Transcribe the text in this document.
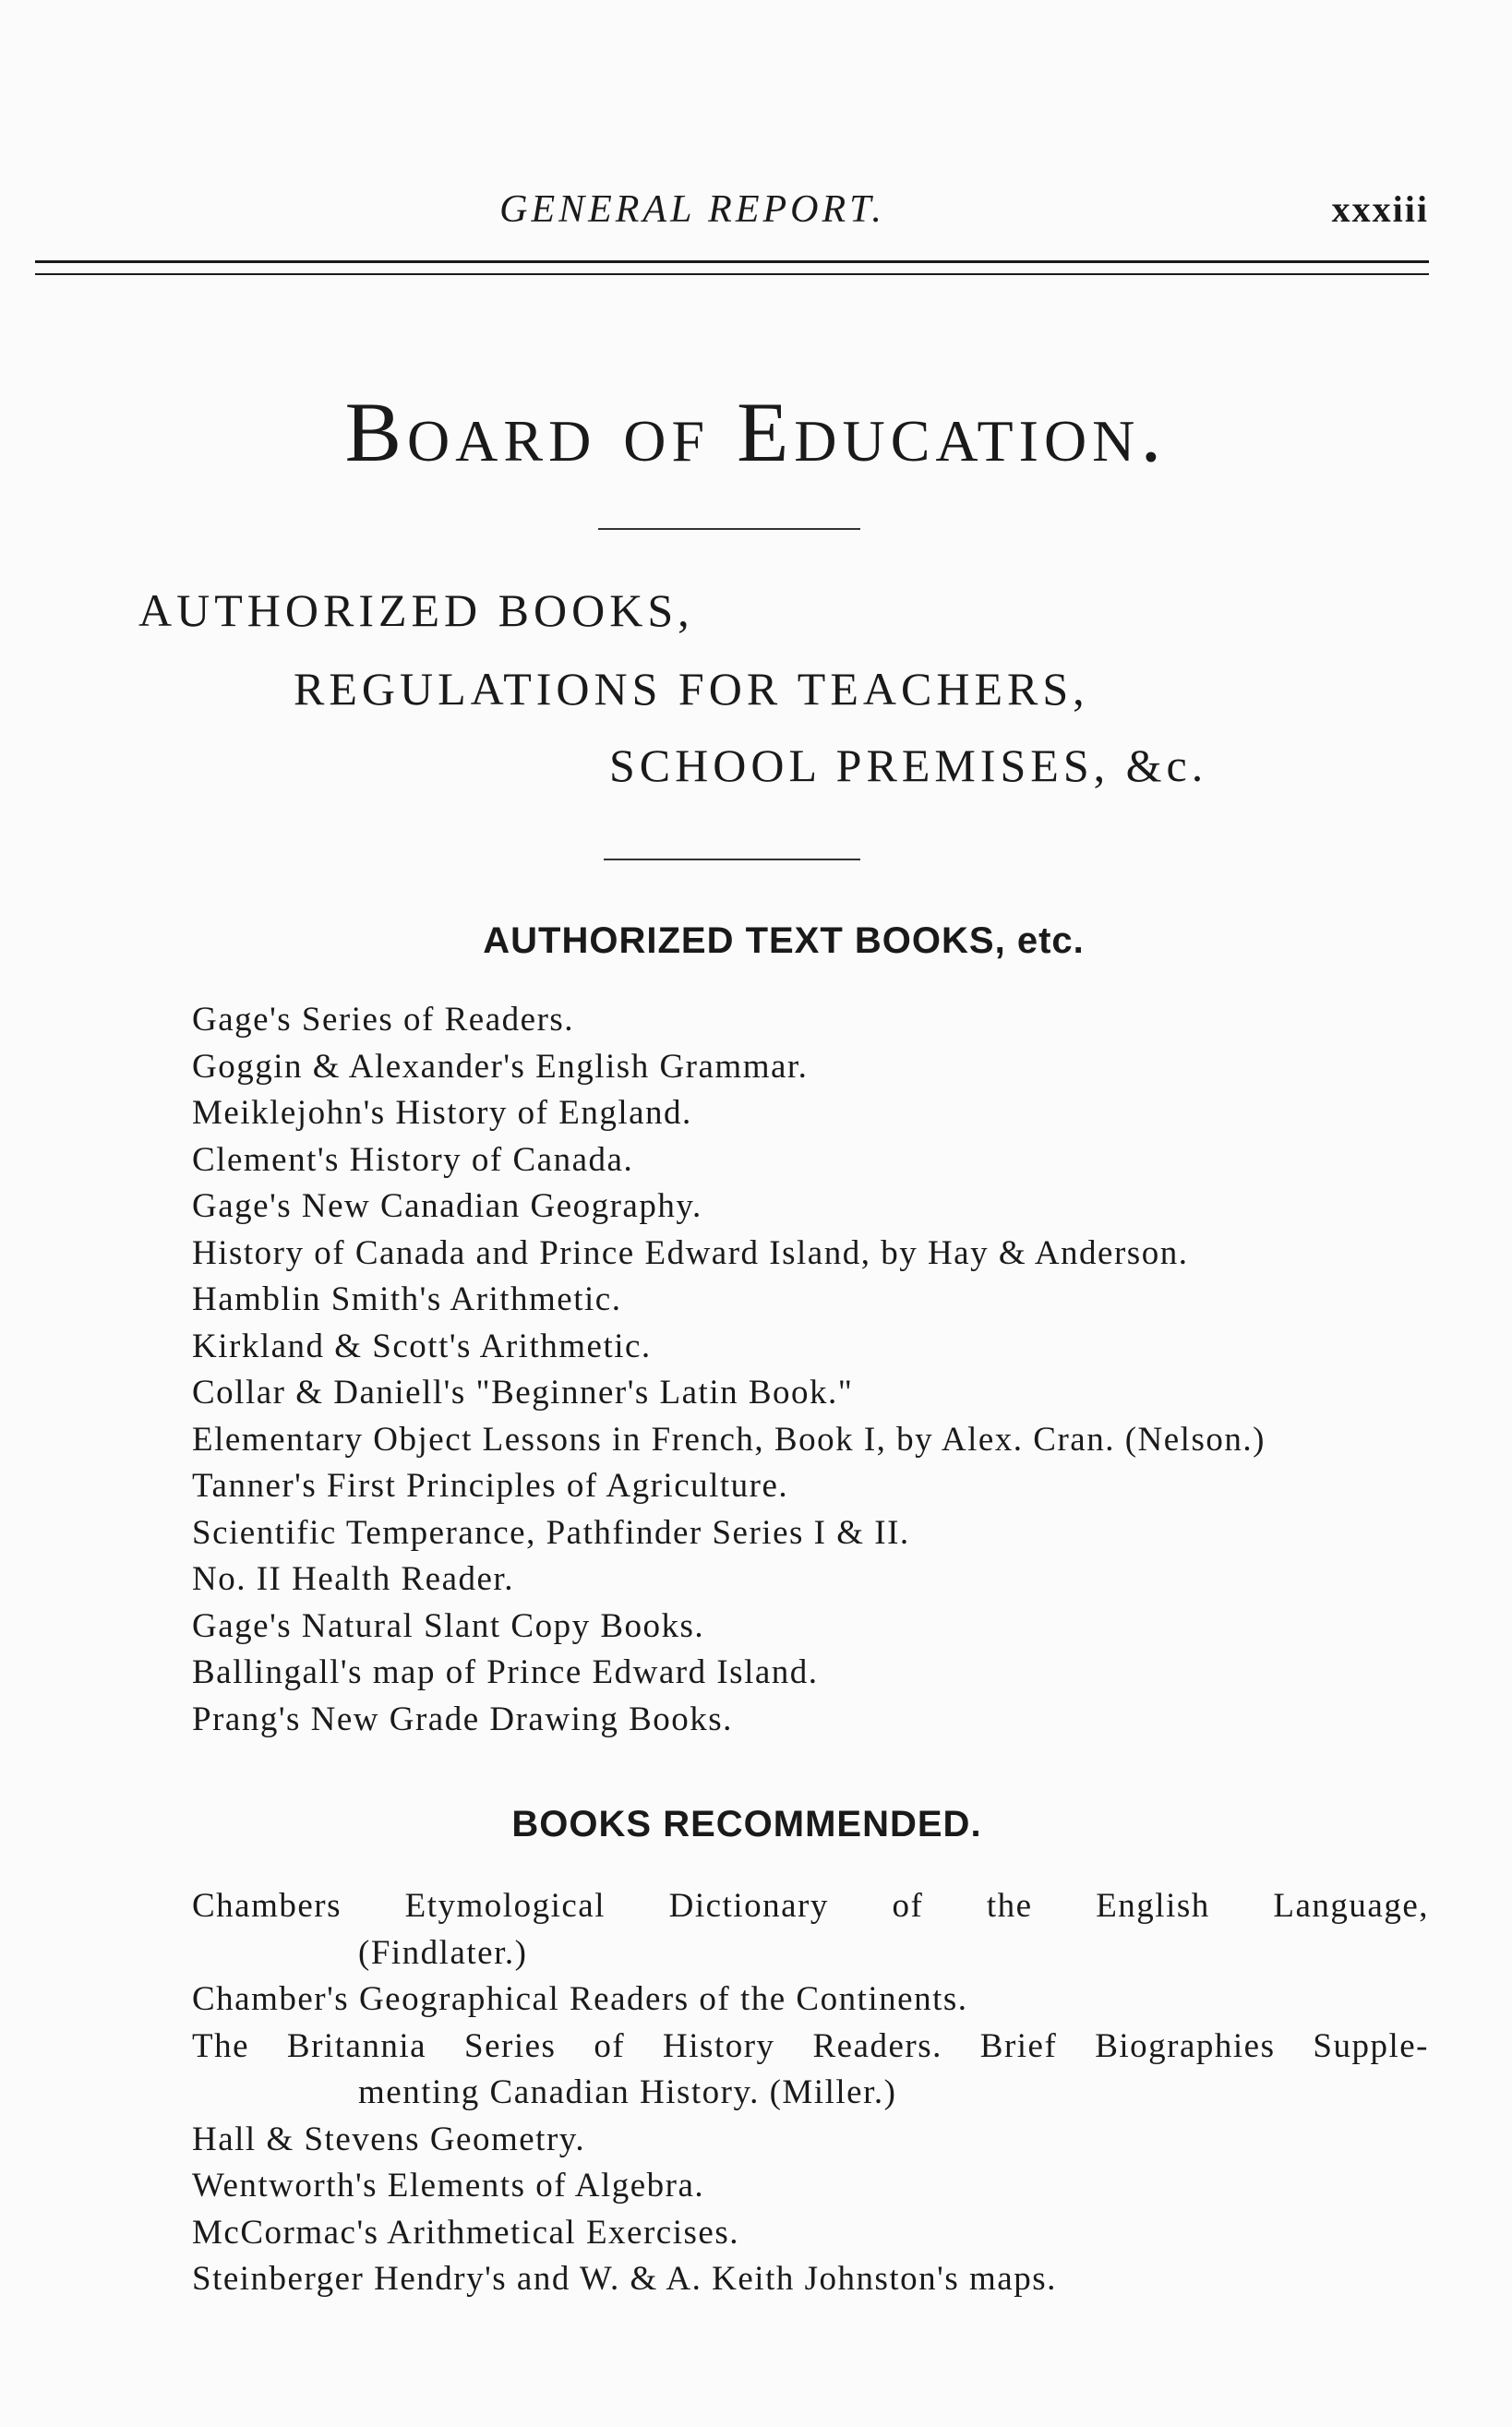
GENERAL REPORT.	xxxiii
Board of Education.
AUTHORIZED BOOKS,
REGULATIONS FOR TEACHERS,
SCHOOL PREMISES, &c.
AUTHORIZED TEXT BOOKS, etc.
Gage's Series of Readers.
Goggin & Alexander's English Grammar.
Meiklejohn's History of England.
Clement's History of Canada.
Gage's New Canadian Geography.
History of Canada and Prince Edward Island, by Hay & Anderson.
Hamblin Smith's Arithmetic.
Kirkland & Scott's Arithmetic.
Collar & Daniell's "Beginner's Latin Book."
Elementary Object Lessons in French, Book I, by Alex. Cran. (Nelson.)
Tanner's First Principles of Agriculture.
Scientific Temperance, Pathfinder Series I & II.
No. II Health Reader.
Gage's Natural Slant Copy Books.
Ballingall's map of Prince Edward Island.
Prang's New Grade Drawing Books.
BOOKS RECOMMENDED.
Chambers Etymological Dictionary of the English Language,
(Findlater.)
Chamber's Geographical Readers of the Continents.
The Britannia Series of History Readers. Brief Biographies Supple-
menting Canadian History. (Miller.)
Hall & Stevens Geometry.
Wentworth's Elements of Algebra.
McCormac's Arithmetical Exercises.
Steinberger Hendry's and W. & A. Keith Johnston's maps.
